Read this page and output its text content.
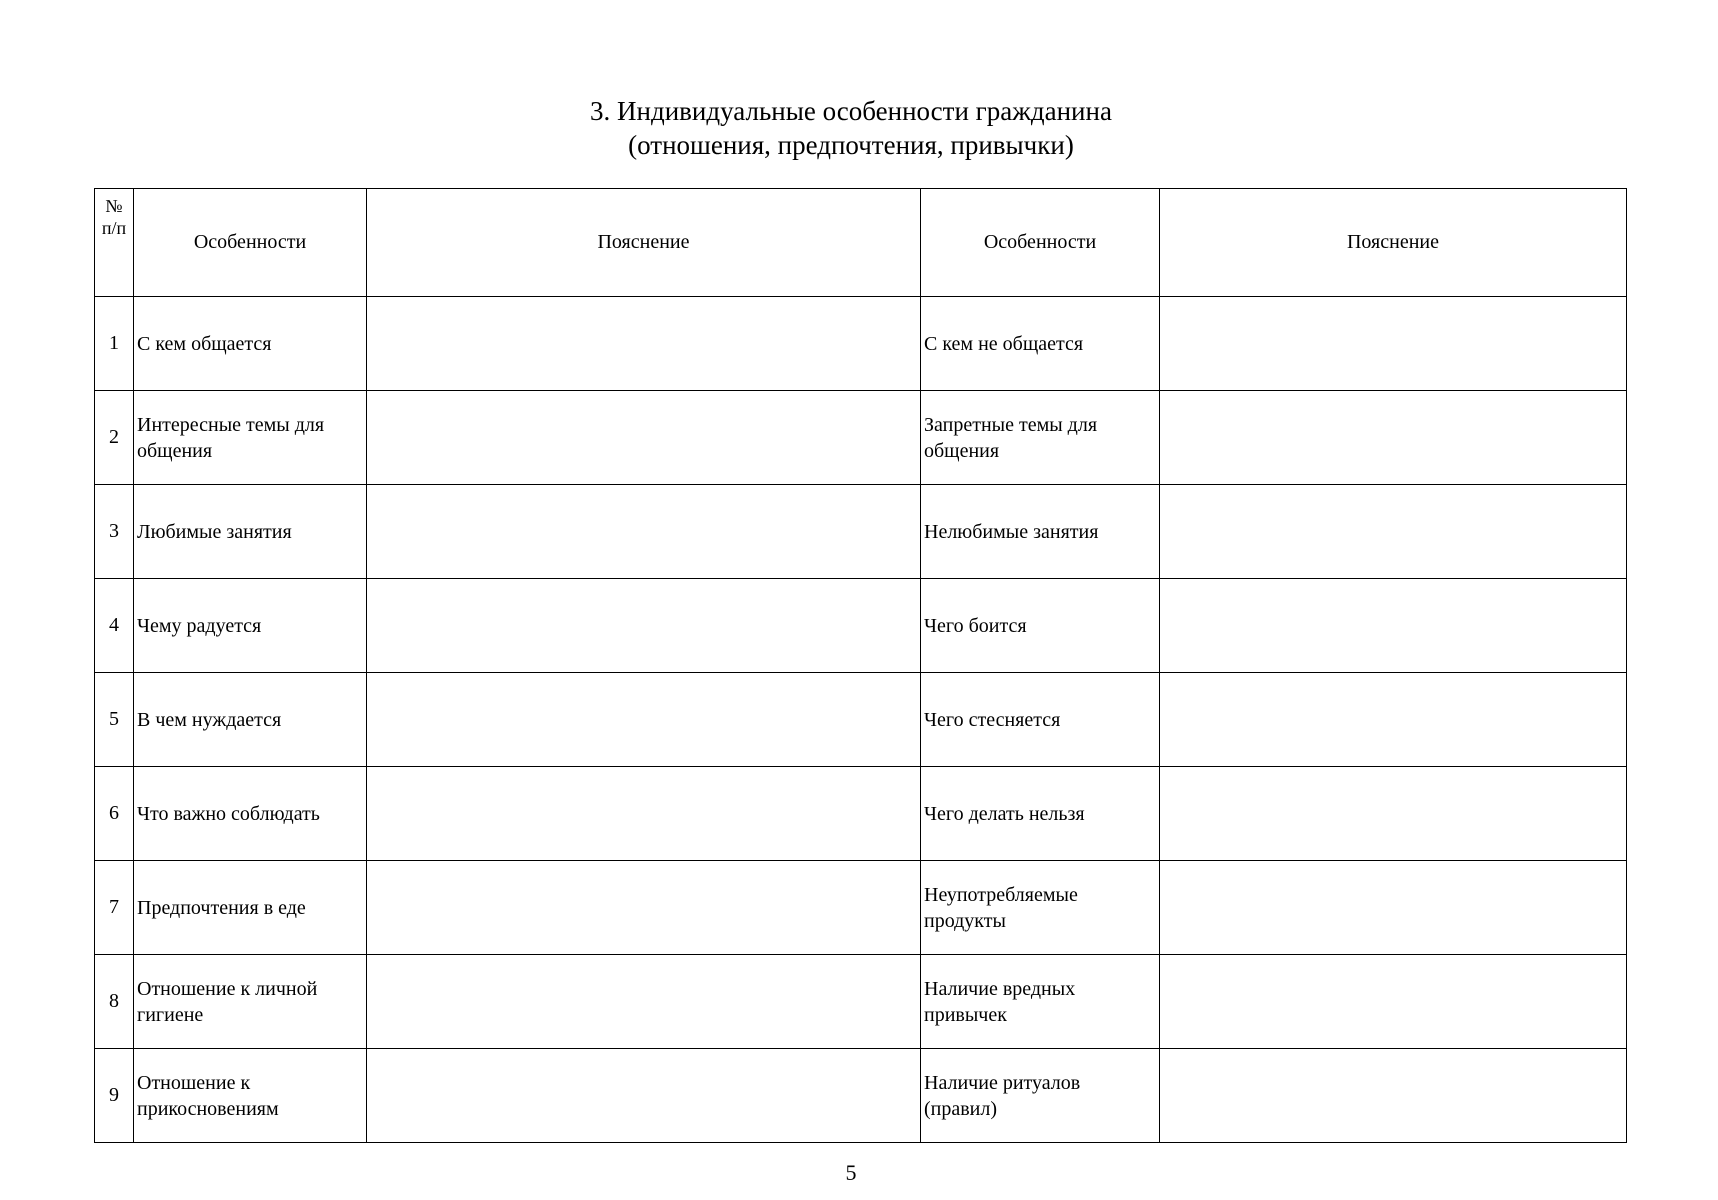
3. Индивидуальные особенности гражданина
(отношения, предпочтения, привычки)
№ п/п	Особенности	Пояснение	Особенности	Пояснение
1	С кем общается		С кем не общается	
2	Интересные темы для общения		Запретные темы для общения	
3	Любимые занятия		Нелюбимые занятия	
4	Чему радуется		Чего боится	
5	В чем нуждается		Чего стесняется	
6	Что важно соблюдать		Чего делать нельзя	
7	Предпочтения в еде		Неупотребляемые продукты	
8	Отношение к личной гигиене		Наличие вредных привычек	
9	Отношение к прикосновениям		Наличие ритуалов (правил)	
5
